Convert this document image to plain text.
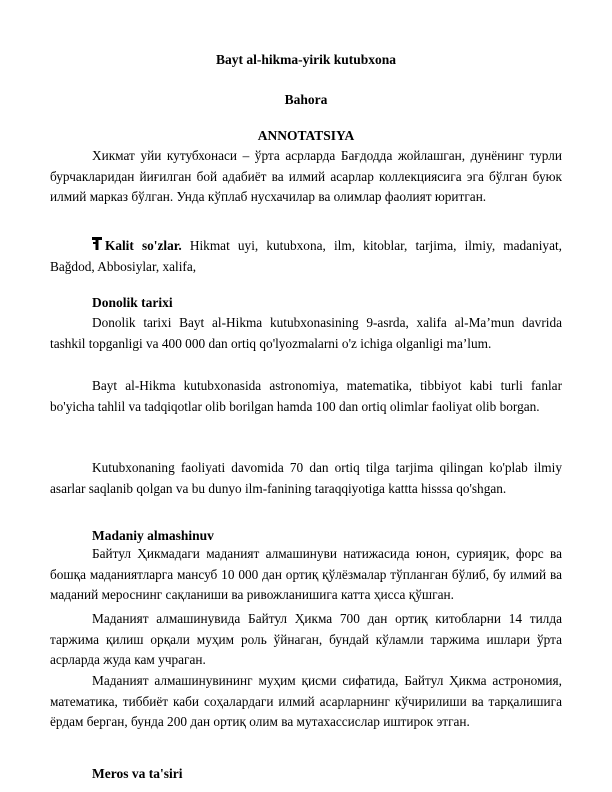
Bayt al-hikma-yirik kutubxona
Bahora
ANNOTATSIYA
Хикмат уйи кутубхонаси – ўрта асрларда Бағдодда жойлашган, дунёнинг турли бурчакларидан йиғилган бой адабиёт ва илмий асарлар коллекциясига эга бўлган буюк илмий марказ бўлган. Унда кўплаб нусхачилар ва олимлар фаолият юритган.
Kalit so'zlar. Hikmat uyi, kutubxona, ilm, kitoblar, tarjima, ilmiy, madaniyat, Bağdod, Abbosiylar, xalifa,
Donolik tarixi
Donolik tarixi Bayt al-Hikma kutubxonasining 9-asrda, xalifa al-Ma’mun davrida tashkil topganligi va 400 000 dan ortiq qo'lyozmalarni o'z ichiga olganligi ma’lum.
Bayt al-Hikma kutubxonasida astronomiya, matematika, tibbiyot kabi turli fanlar bo'yicha tahlil va tadqiqotlar olib borilgan hamda 100 dan ortiq olimlar faoliyat olib borgan.
Kutubxonaning faoliyati davomida 70 dan ortiq tilga tarjima qilingan ko'plab ilmiy asarlar saqlanib qolgan va bu dunyo ilm-fanining taraqqiyotiga kattta hisssa qo'shgan.
Madaniy almashinuv
Байтул Ҳикмадаги маданият алмашинуви натижасида юнон, сурияլик, форс ва бошқа маданиятларга мансуб 10 000 дан ортиқ қўлёзмалар тўпланган бўлиб, бу илмий ва маданий мероснинг сақланиши ва ривожланишига катта ҳисса қўшган.
Маданият алмашинувида Байтул Ҳикма 700 дан ортиқ китобларни 14 тилда таржима қилиш орқали муҳим роль ўйнаган, бундай кўламли таржима ишлари ўрта асрларда жуда кам учраган.
Маданият алмашинувининг муҳим қисми сифатида, Байтул Ҳикма астрономия, математика, тиббиёт каби соҳалардаги илмий асарларнинг кўчирилиши ва тарқалишига ёрдам берган, бунда 200 дан ортиқ олим ва мутахассислар иштирок этган.
Meros va ta'siri
